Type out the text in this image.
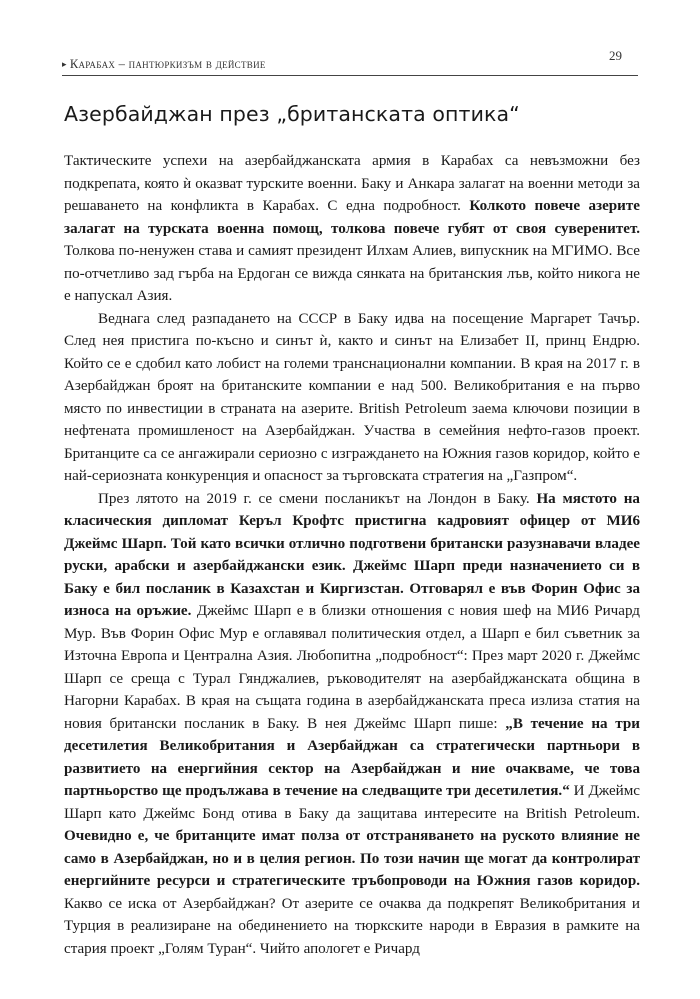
▸ Карабах – пантюркизъм в действие
29
Азербайджан през „британската оптика“

Тактическите успехи на азербайджанската армия в Карабах са невъзможни без подкрепата, която ѝ оказват турските военни. Баку и Анкара залагат на военни методи за решаването на конфликта в Карабах. С една подробност. Колкото повече азерите залагат на турската военна помощ, толкова повече губят от своя суверенитет. Толкова по-ненужен става и самият президент Илхам Алиев, випускник на МГИМО. Все по-отчетливо зад гърба на Ердоган се вижда сянката на британския лъв, който никога не е напускал Азия.

Веднага след разпадането на СССР в Баку идва на посещение Маргарет Тачър. След нея пристига по-късно и синът ѝ, както и синът на Елизабет II, принц Ендрю. Който се е сдобил като лобист на големи транснационални компании. В края на 2017 г. в Азербайджан броят на британските компании е над 500. Великобритания е на първо място по инвестиции в страната на азерите. British Petroleum заема ключови позиции в нефтената промишленост на Азербайджан. Участва в семейния нефто-газов проект. Британците са се ангажирали сериозно с изграждането на Южния газов коридор, който е най-сериозната конкуренция и опасност за търговската стратегия на „Газпром“.

През лятото на 2019 г. се смени посланикът на Лондон в Баку. На мястото на класическия дипломат Керъл Крофтс пристигна кадровият офицер от МИ6 Джеймс Шарп. Той като всички отлично подготвени британски разузнавачи владее руски, арабски и азербайджански език. Джеймс Шарп преди назначението си в Баку е бил посланик в Казахстан и Киргизстан. Отговарял е във Форин Офис за износа на оръжие. Джеймс Шарп е в близки отношения с новия шеф на МИ6 Ричард Мур. Във Форин Офис Мур е оглавявал политическия отдел, а Шарп е бил съветник за Източна Европа и Централна Азия. Любопитна „подробност“: През март 2020 г. Джеймс Шарп се среща с Турал Гянджалиев, ръководителят на азербайджанската община в Нагорни Карабах. В края на същата година в азербайджанската преса излиза статия на новия британски посланик в Баку. В нея Джеймс Шарп пише: „В течение на три десетилетия Великобритания и Азербайджан са стратегически партньори в развитието на енергийния сектор на Азербайджан и ние очакваме, че това партньорство ще продължава в течение на следващите три десетилетия.“ И Джеймс Шарп като Джеймс Бонд отива в Баку да защитава интересите на British Petroleum. Очевидно е, че британците имат полза от отстраняването на руското влияние не само в Азербайджан, но и в целия регион. По този начин ще могат да контролират енергийните ресурси и стратегическите тръбопроводи на Южния газов коридор. Какво се иска от Азербайджан? От азерите се очаква да подкрепят Великобритания и Турция в реализиране на обединението на тюркските народи в Евразия в рамките на стария проект „Голям Туран“. Чийто апологет е Ричард
